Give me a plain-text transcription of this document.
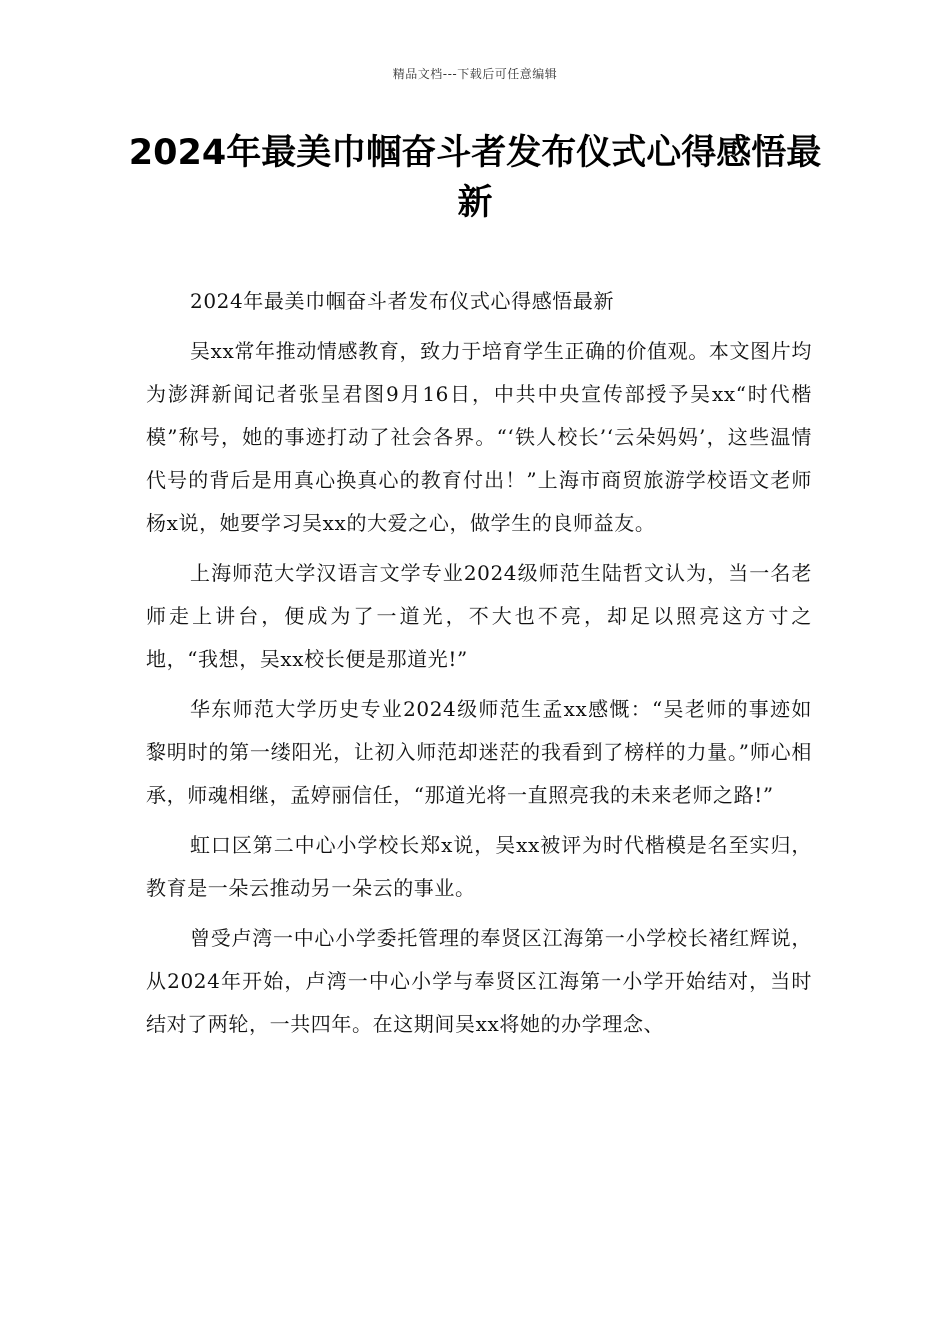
精品文档---下载后可任意编辑
2024年最美巾帼奋斗者发布仪式心得感悟最新

2024年最美巾帼奋斗者发布仪式心得感悟最新

吴xx常年推动情感教育，致力于培育学生正确的价值观。本文图片均为澎湃新闻记者张呈君图9月16日，中共中央宣传部授予吴xx“时代楷模”称号，她的事迹打动了社会各界。“‘铁人校长’‘云朵妈妈’，这些温情代号的背后是用真心换真心的教育付出！”上海市商贸旅游学校语文老师杨x说，她要学习吴xx的大爱之心，做学生的良师益友。

上海师范大学汉语言文学专业2024级师范生陆哲文认为，当一名老师走上讲台，便成为了一道光，不大也不亮，却足以照亮这方寸之地，“我想，吴xx校长便是那道光!”

华东师范大学历史专业2024级师范生孟xx感慨：“吴老师的事迹如黎明时的第一缕阳光，让初入师范却迷茫的我看到了榜样的力量。”师心相承，师魂相继，孟婷丽信任，“那道光将一直照亮我的未来老师之路!”

虹口区第二中心小学校长郑x说，吴xx被评为时代楷模是名至实归，教育是一朵云推动另一朵云的事业。

曾受卢湾一中心小学委托管理的奉贤区江海第一小学校长褚红辉说，从2024年开始，卢湾一中心小学与奉贤区江海第一小学开始结对，当时结对了两轮，一共四年。在这期间吴xx将她的办学理念、
